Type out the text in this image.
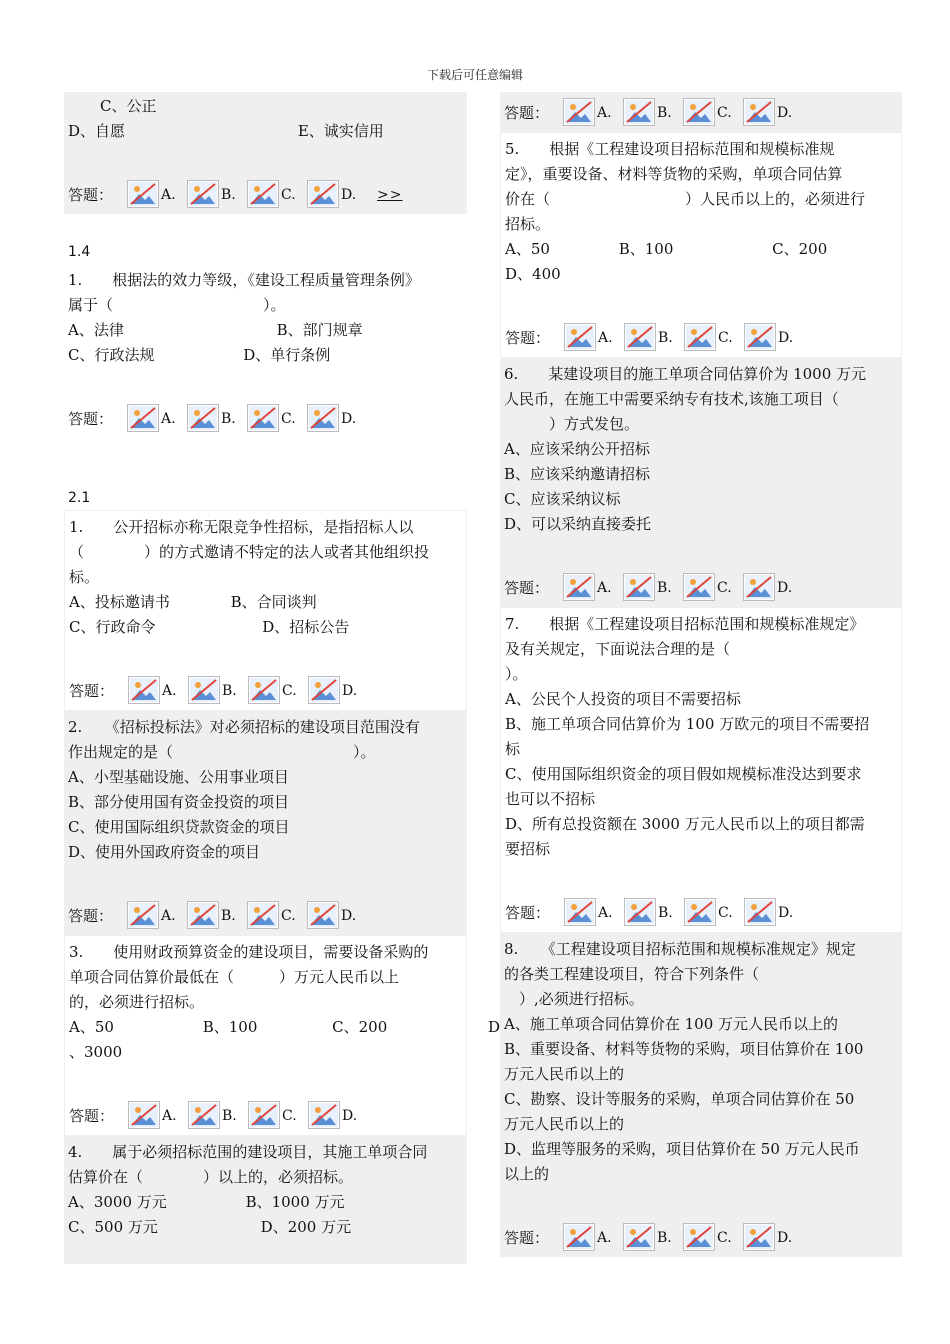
下载后可任意编辑
C、公正
D、自愿	E、诚实信用
答题：	A.	B.	C.	D. >>
1.4
1.　　根据法的效力等级，《建设工程质量管理条例》
属于（　　　　　　　　　　）。
A、法律	B、部门规章
C、行政法规	D、单行条例
答题：	A.	B.	C.	D.
2.1
1.　　公开招标亦称无限竞争性招标，是指招标人以
（　　　　）的方式邀请不特定的法人或者其他组织投
标。
A、投标邀请书	B、合同谈判
C、行政命令	D、招标公告
答题：	A.	B.	C.	D.
2.　　《招标投标法》对必须招标的建设项目范围没有
作出规定的是（　　　　　　　　　　　　）。
A、小型基础设施、公用事业项目
B、部分使用国有资金投资的项目
C、使用国际组织贷款资金的项目
D、使用外国政府资金的项目
答题：	A.	B.	C.	D.
3.　　使用财政预算资金的建设项目，需要设备采购的
单项合同估算价最低在（　　　）万元人民币以上
的，必须进行招标。
A、50	B、100	C、200	D
、3000
答题：	A.	B.	C.	D.
4.　　属于必须招标范围的建设项目，其施工单项合同
估算价在（　　　　）以上的，必须招标。
A、3000 万元	B、1000 万元
C、500 万元	D、200 万元
答题：	A.	B.	C.	D.
5.　　根据《工程建设项目招标范围和规模标准规
定》，重要设备、材料等货物的采购，单项合同估算
价在（　　　　　　　　　）人民币以上的，必须进行
招标。
A、50	B、100	C、200
D、400
答题：	A.	B.	C.	D.
6.　　某建设项目的施工单项合同估算价为 1000 万元
人民币，在施工中需要采纳专有技术,该施工项目（
　　　）方式发包。
A、应该采纳公开招标
B、应该采纳邀请招标
C、应该采纳议标
D、可以采纳直接委托
答题：	A.	B.	C.	D.
7.　　根据《工程建设项目招标范围和规模标准规定》
及有关规定，下面说法合理的是（
）。
A、公民个人投资的项目不需要招标
B、施工单项合同估算价为 100 万欧元的项目不需要招
标
C、使用国际组织资金的项目假如规模标准没达到要求
也可以不招标
D、所有总投资额在 3000 万元人民币以上的项目都需
要招标
答题：	A.	B.	C.	D.
8.　　《工程建设项目招标范围和规模标准规定》规定
的各类工程建设项目，符合下列条件（
　）,必须进行招标。
A、施工单项合同估算价在 100 万元人民币以上的
B、重要设备、材料等货物的采购，项目估算价在 100
万元人民币以上的
C、勘察、设计等服务的采购，单项合同估算价在 50
万元人民币以上的
D、监理等服务的采购，项目估算价在 50 万元人民币
以上的
答题：	A.	B.	C.	D.
